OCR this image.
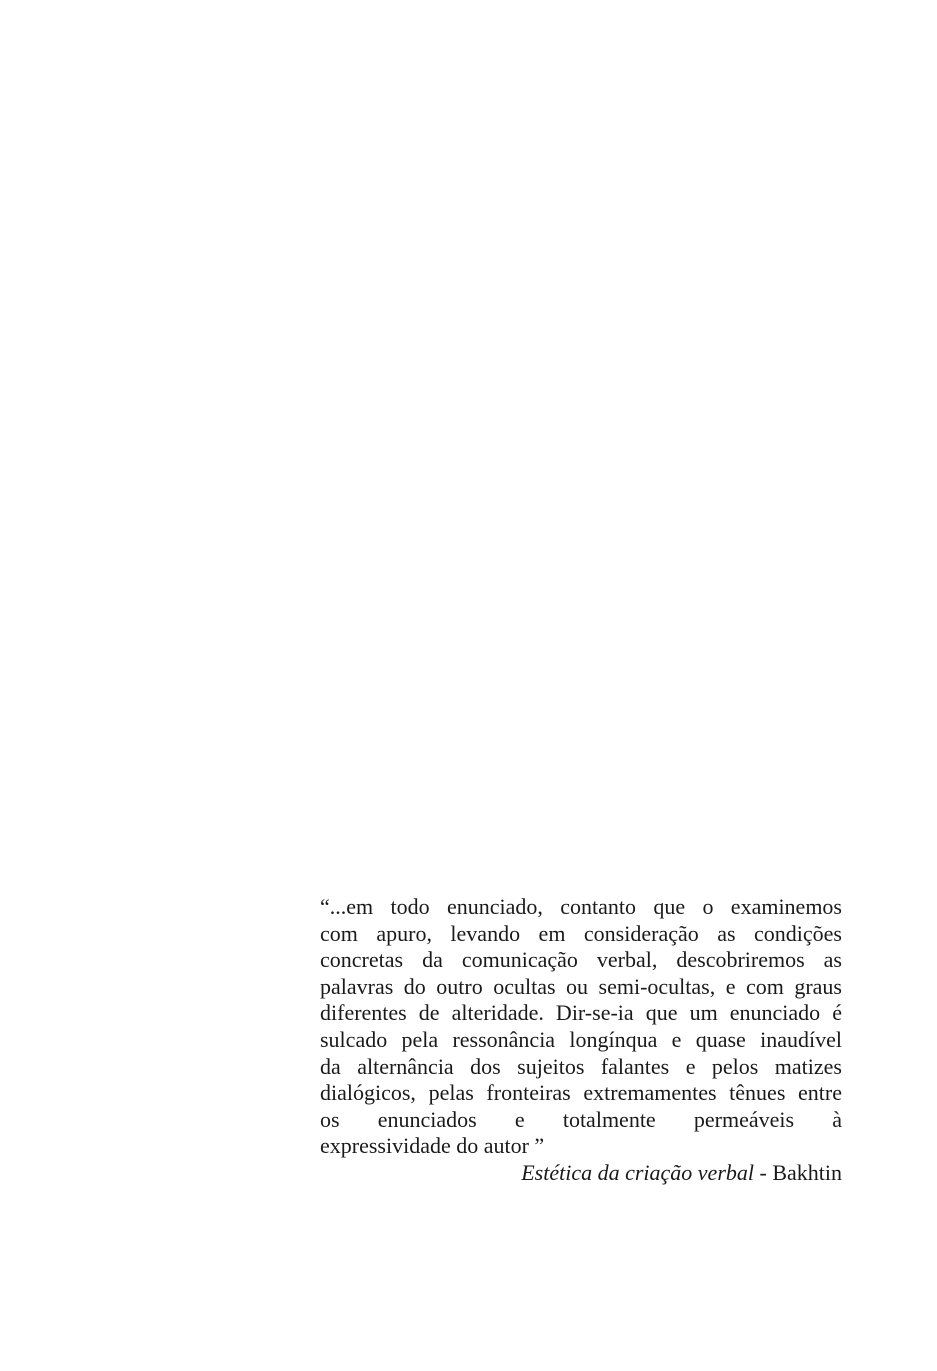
“...em todo enunciado, contanto que o examinemos
com apuro, levando em consideração as condições
concretas da comunicação verbal, descobriremos as
palavras do outro ocultas ou semi-ocultas, e com graus
diferentes de alteridade. Dir-se-ia que um enunciado é
sulcado pela ressonância longínqua e quase inaudível
da alternância dos sujeitos falantes e pelos matizes
dialógicos, pelas fronteiras extremamentes tênues entre
os enunciados e totalmente permeáveis à
expressividade do autor ”
Estética da criação verbal - Bakhtin
